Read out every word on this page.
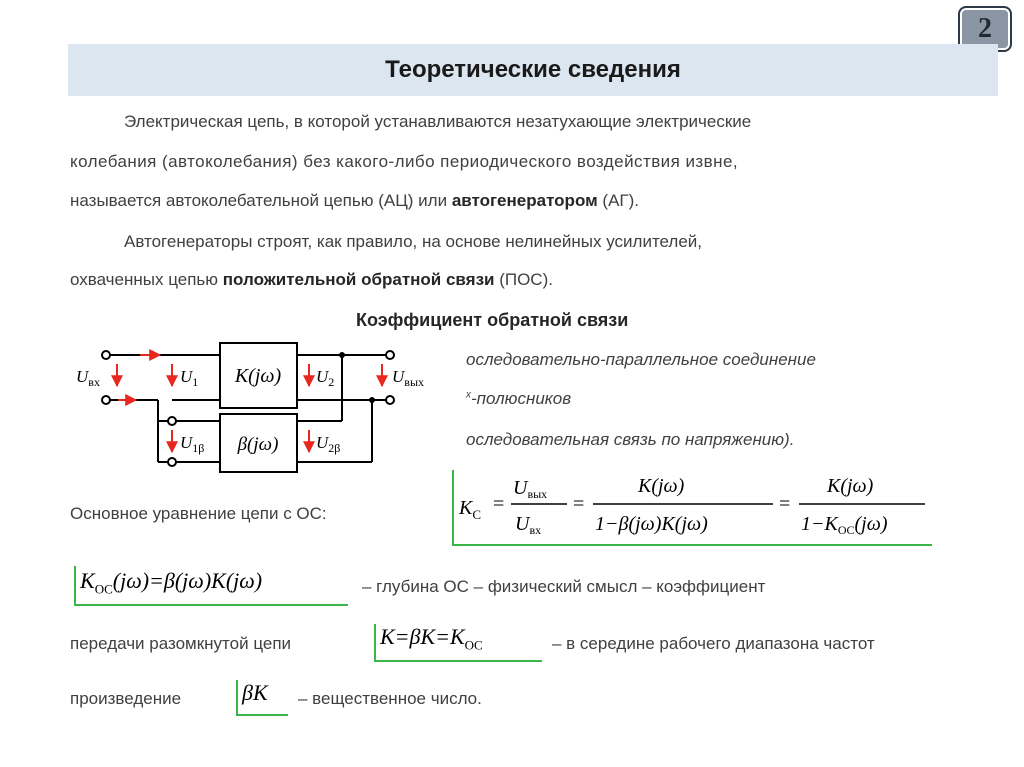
2
Теоретические сведения
Электрическая цепь, в которой устанавливаются незатухающие электрические
колебания (автоколебания) без какого-либо периодического воздействия извне,
называется автоколебательной цепью (АЦ) или автогенератором (АГ).
Автогенераторы строят, как правило, на основе нелинейных усилителей,
охваченных цепью положительной обратной связи (ПОС).
Коэффициент обратной связи
K(jω)
β(jω)
$U_{вх}$	$U_1$	$U_2$	$U_{вых}$
$U_{1\beta}$	$U_{2\beta}$
оследовательно-параллельное соединение
$^х$-полюсников
оследовательная связь по напряжению).
Основное уравнение цепи с ОС:	$K_C$ =
$U_{вых}$
$U_{вх}$
=
K(jω)
1−β(jω)K(jω)
=
K(jω)
$1-K_{OC}(j\omega)$
$K_{OC}(j\omega)=\beta(j\omega)K(j\omega)$	– глубина ОС – физический смысл – коэффициент
передачи разомкнутой цепи	$K=\beta K=K_{OC}$	– в середине рабочего диапазона частот
произведение	βK – вещественное число.
